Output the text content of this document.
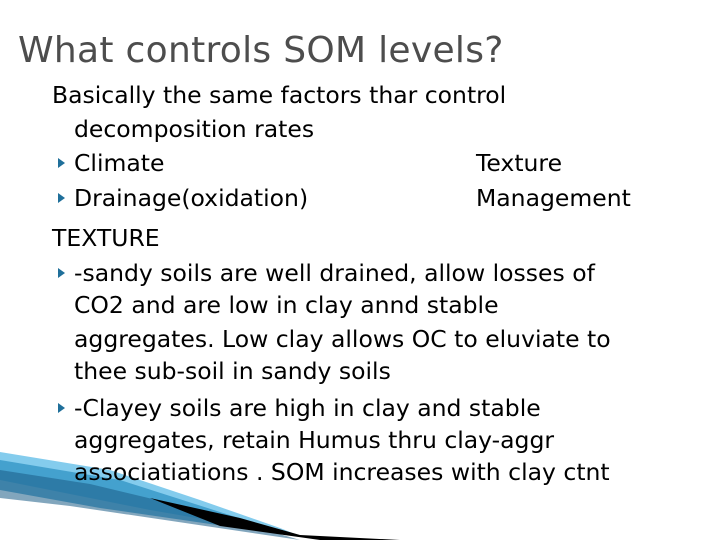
What controls SOM levels?
Basically the same factors thar control
decomposition rates
Climate	Texture
Drainage(oxidation)	Management
TEXTURE
-sandy soils are well drained, allow losses of
CO2 and are low in clay annd stable
aggregates. Low clay allows OC to eluviate to
thee sub-soil in sandy soils
-Clayey soils are high in clay and stable
aggregates, retain Humus thru clay-aggr
associatiations . SOM increases with clay ctnt
